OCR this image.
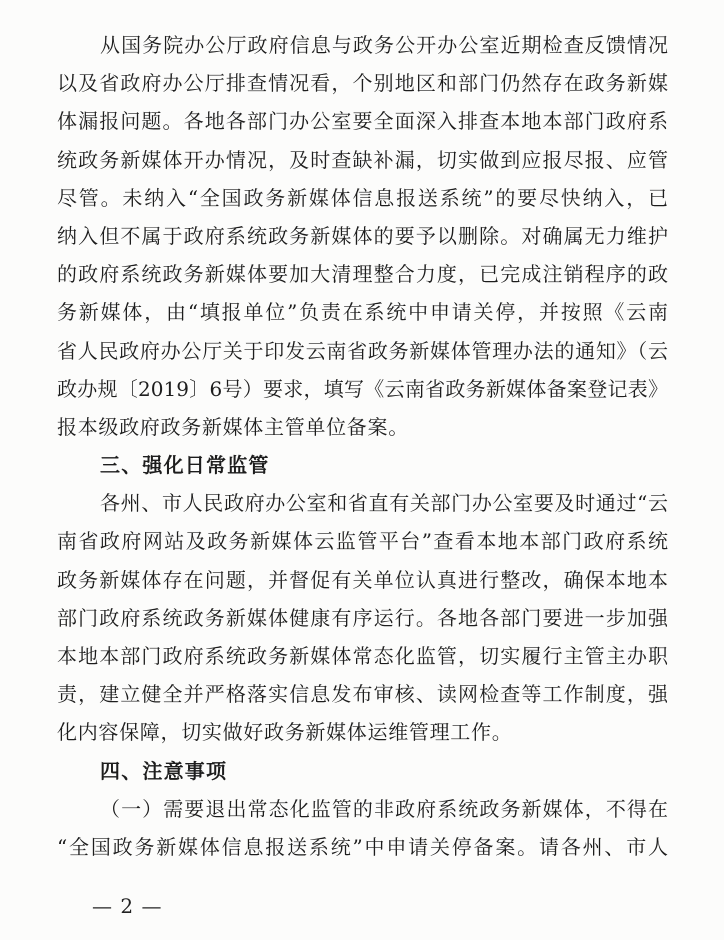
从国务院办公厅政府信息与政务公开办公室近期检查反馈情况
以及省政府办公厅排查情况看，个别地区和部门仍然存在政务新媒
体漏报问题。各地各部门办公室要全面深入排查本地本部门政府系
统政务新媒体开办情况，及时查缺补漏，切实做到应报尽报、应管
尽管。未纳入“全国政务新媒体信息报送系统”的要尽快纳入，已
纳入但不属于政府系统政务新媒体的要予以删除。对确属无力维护
的政府系统政务新媒体要加大清理整合力度，已完成注销程序的政
务新媒体，由“填报单位”负责在系统中申请关停，并按照《云南
省人民政府办公厅关于印发云南省政务新媒体管理办法的通知》（云
政办规〔2019〕6号）要求，填写《云南省政务新媒体备案登记表》
报本级政府政务新媒体主管单位备案。
三、强化日常监管
各州、市人民政府办公室和省直有关部门办公室要及时通过“云
南省政府网站及政务新媒体云监管平台”查看本地本部门政府系统
政务新媒体存在问题，并督促有关单位认真进行整改，确保本地本
部门政府系统政务新媒体健康有序运行。各地各部门要进一步加强
本地本部门政府系统政务新媒体常态化监管，切实履行主管主办职
责，建立健全并严格落实信息发布审核、读网检查等工作制度，强
化内容保障，切实做好政务新媒体运维管理工作。
四、注意事项
（一）需要退出常态化监管的非政府系统政务新媒体，不得在
“全国政务新媒体信息报送系统”中申请关停备案。请各州、市人
— 2 —
